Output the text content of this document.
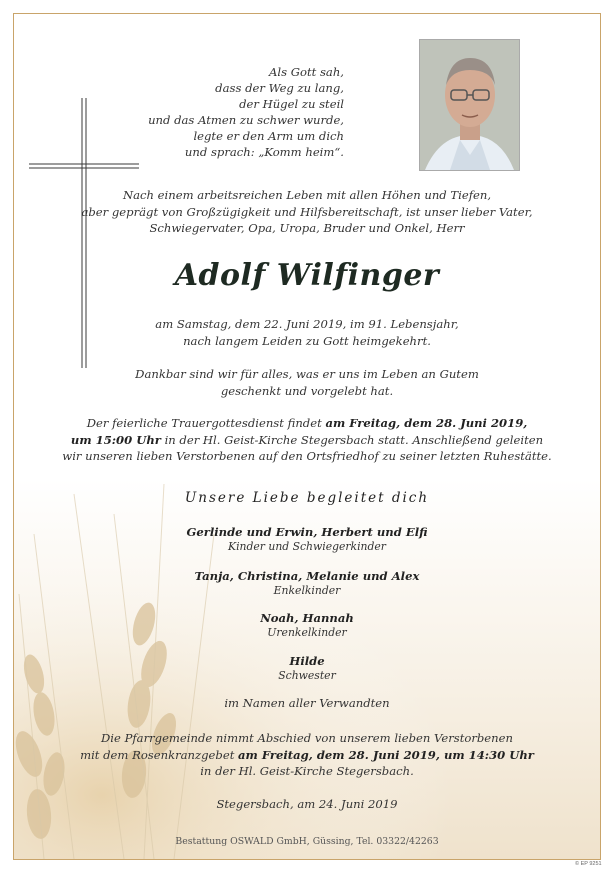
Als Gott sah,
dass der Weg zu lang,
der Hügel zu steil
und das Atmen zu schwer wurde,
legte er den Arm um dich
und sprach: „Komm heim“.
Nach einem arbeitsreichen Leben mit allen Höhen und Tiefen,
aber geprägt von Großzügigkeit und Hilfsbereitschaft, ist unser lieber Vater,
Schwiegervater, Opa, Uropa, Bruder und Onkel, Herr
Adolf Wilfinger
am Samstag, dem 22. Juni 2019, im 91. Lebensjahr,
nach langem Leiden zu Gott heimgekehrt.
Dankbar sind wir für alles, was er uns im Leben an Gutem
geschenkt und vorgelebt hat.
Der feierliche Trauergottesdienst findet am Freitag, dem 28. Juni 2019,
um 15:00 Uhr in der Hl. Geist-Kirche Stegersbach statt. Anschließend geleiten
wir unseren lieben Verstorbenen auf den Ortsfriedhof zu seiner letzten Ruhestätte.
Unsere Liebe begleitet dich
Gerlinde und Erwin, Herbert und Elfi
Kinder und Schwiegerkinder
Tanja, Christina, Melanie und Alex
Enkelkinder
Noah, Hannah
Urenkelkinder
Hilde
Schwester
im Namen aller Verwandten
Die Pfarrgemeinde nimmt Abschied von unserem lieben Verstorbenen
mit dem Rosenkranzgebet am Freitag, dem 28. Juni 2019, um 14:30 Uhr
in der Hl. Geist-Kirche Stegersbach.
Stegersbach, am 24. Juni 2019
Bestattung OSWALD GmbH, Güssing, Tel. 03322/42263
© EP 9251
